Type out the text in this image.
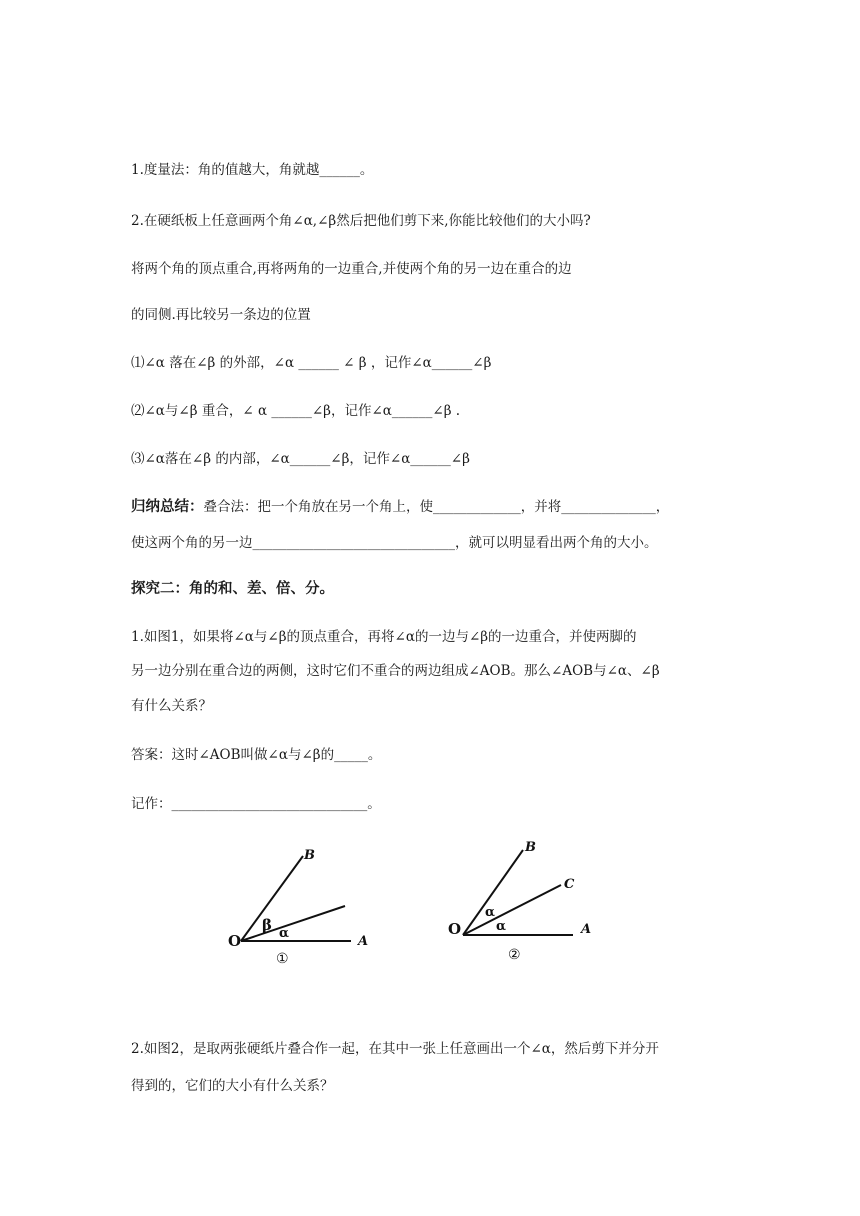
1.度量法：角的值越大，角就越______。
2.在硬纸板上任意画两个角∠α,∠β然后把他们剪下来,你能比较他们的大小吗?
将两个角的顶点重合,再将两角的一边重合,并使两个角的另一边在重合的边
的同侧.再比较另一条边的位置
⑴∠α 落在∠β 的外部，∠α ______ ∠ β ，记作∠α______∠β
⑵∠α与∠β 重合，∠ α ______∠β，记作∠α______∠β .
⑶∠α落在∠β 的内部，∠α______∠β，记作∠α______∠β
归纳总结：叠合法：把一个角放在另一个角上，使_____________，并将______________，
使这两个角的另一边______________________________，就可以明显看出两个角的大小。
探究二：角的和、差、倍、分。
1.如图1，如果将∠α与∠β的顶点重合，再将∠α的一边与∠β的一边重合，并使两脚的
另一边分别在重合边的两侧，这时它们不重合的两边组成∠AOB。那么∠AOB与∠α、∠β
有什么关系？
答案：这时∠AOB叫做∠α与∠β的_____。
记作：_____________________________。
O	A
B
β α
①
O	A
B
C
α
α
②
2.如图2，是取两张硬纸片叠合作一起，在其中一张上任意画出一个∠α，然后剪下并分开
得到的，它们的大小有什么关系？
